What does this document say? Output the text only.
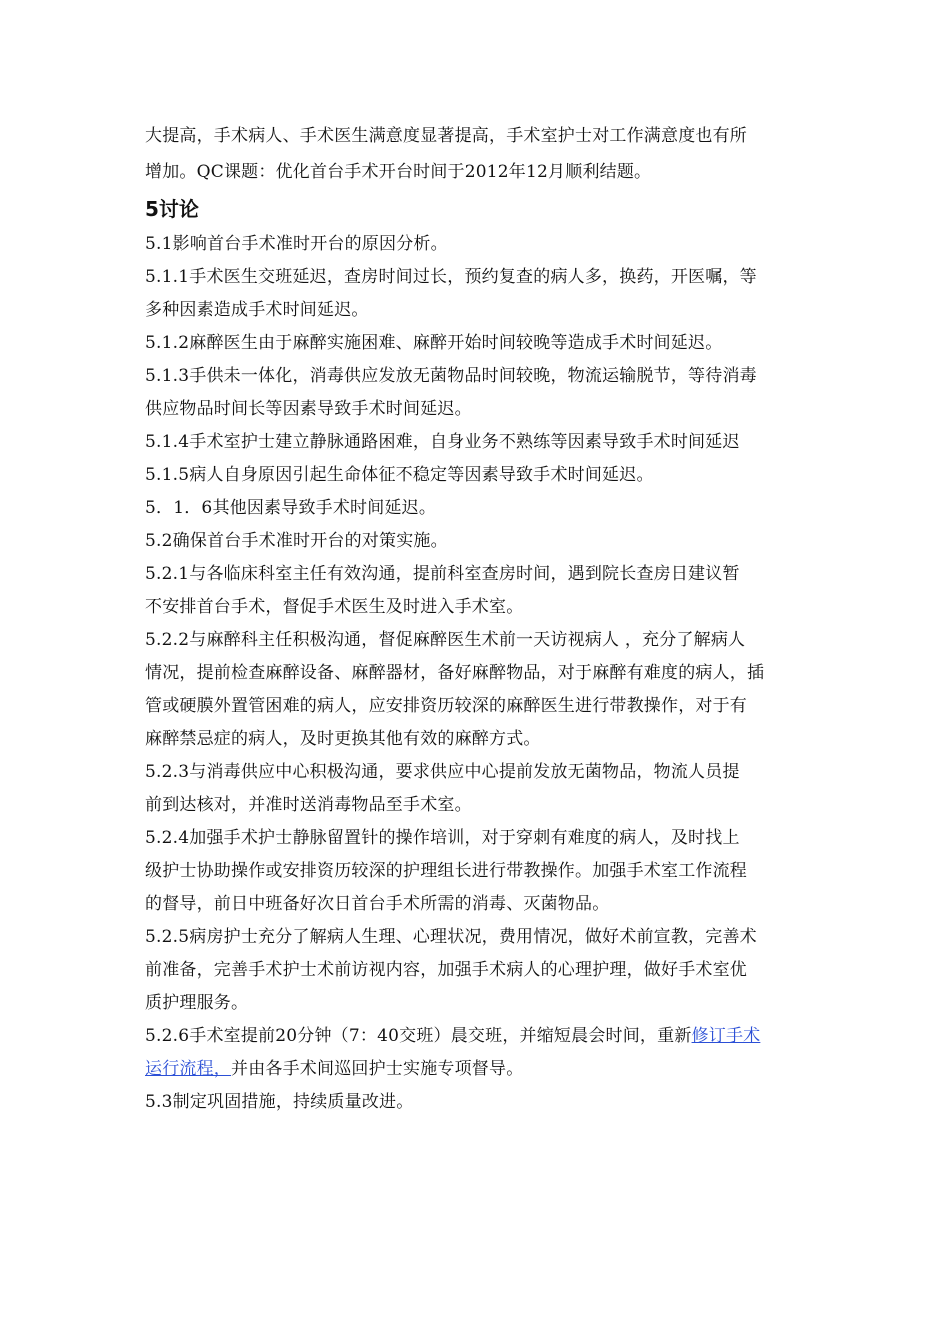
大提高，手术病人、手术医生满意度显著提高，手术室护士对工作满意度也有所
增加。QC课题：优化首台手术开台时间于2012年12月顺利结题。
5讨论
5.1影响首台手术准时开台的原因分析。
5.1.1手术医生交班延迟，查房时间过长，预约复查的病人多，换药，开医嘱，等
多种因素造成手术时间延迟。
5.1.2麻醉医生由于麻醉实施困难、麻醉开始时间较晚等造成手术时间延迟。
5.1.3手供未一体化，消毒供应发放无菌物品时间较晚，物流运输脱节，等待消毒
供应物品时间长等因素导致手术时间延迟。
5.1.4手术室护士建立静脉通路困难，自身业务不熟练等因素导致手术时间延迟
5.1.5病人自身原因引起生命体征不稳定等因素导致手术时间延迟。
5．1．6其他因素导致手术时间延迟。
5.2确保首台手术准时开台的对策实施。
5.2.1与各临床科室主任有效沟通，提前科室查房时间，遇到院长查房日建议暂
不安排首台手术，督促手术医生及时进入手术室。
5.2.2与麻醉科主任积极沟通，督促麻醉医生术前一天访视病人 ，充分了解病人
情况，提前检查麻醉设备、麻醉器材，备好麻醉物品，对于麻醉有难度的病人，插
管或硬膜外置管困难的病人，应安排资历较深的麻醉医生进行带教操作，对于有
麻醉禁忌症的病人，及时更换其他有效的麻醉方式。
5.2.3与消毒供应中心积极沟通，要求供应中心提前发放无菌物品，物流人员提
前到达核对，并准时送消毒物品至手术室。
5.2.4加强手术护士静脉留置针的操作培训，对于穿刺有难度的病人，及时找上
级护士协助操作或安排资历较深的护理组长进行带教操作。加强手术室工作流程
的督导，前日中班备好次日首台手术所需的消毒、灭菌物品。
5.2.5病房护士充分了解病人生理、心理状况，费用情况，做好术前宣教，完善术
前准备，完善手术护士术前访视内容，加强手术病人的心理护理，做好手术室优
质护理服务。
5.2.6手术室提前20分钟（7：40交班）晨交班，并缩短晨会时间，重新修订手术
运行流程，并由各手术间巡回护士实施专项督导。
5.3制定巩固措施，持续质量改进。
